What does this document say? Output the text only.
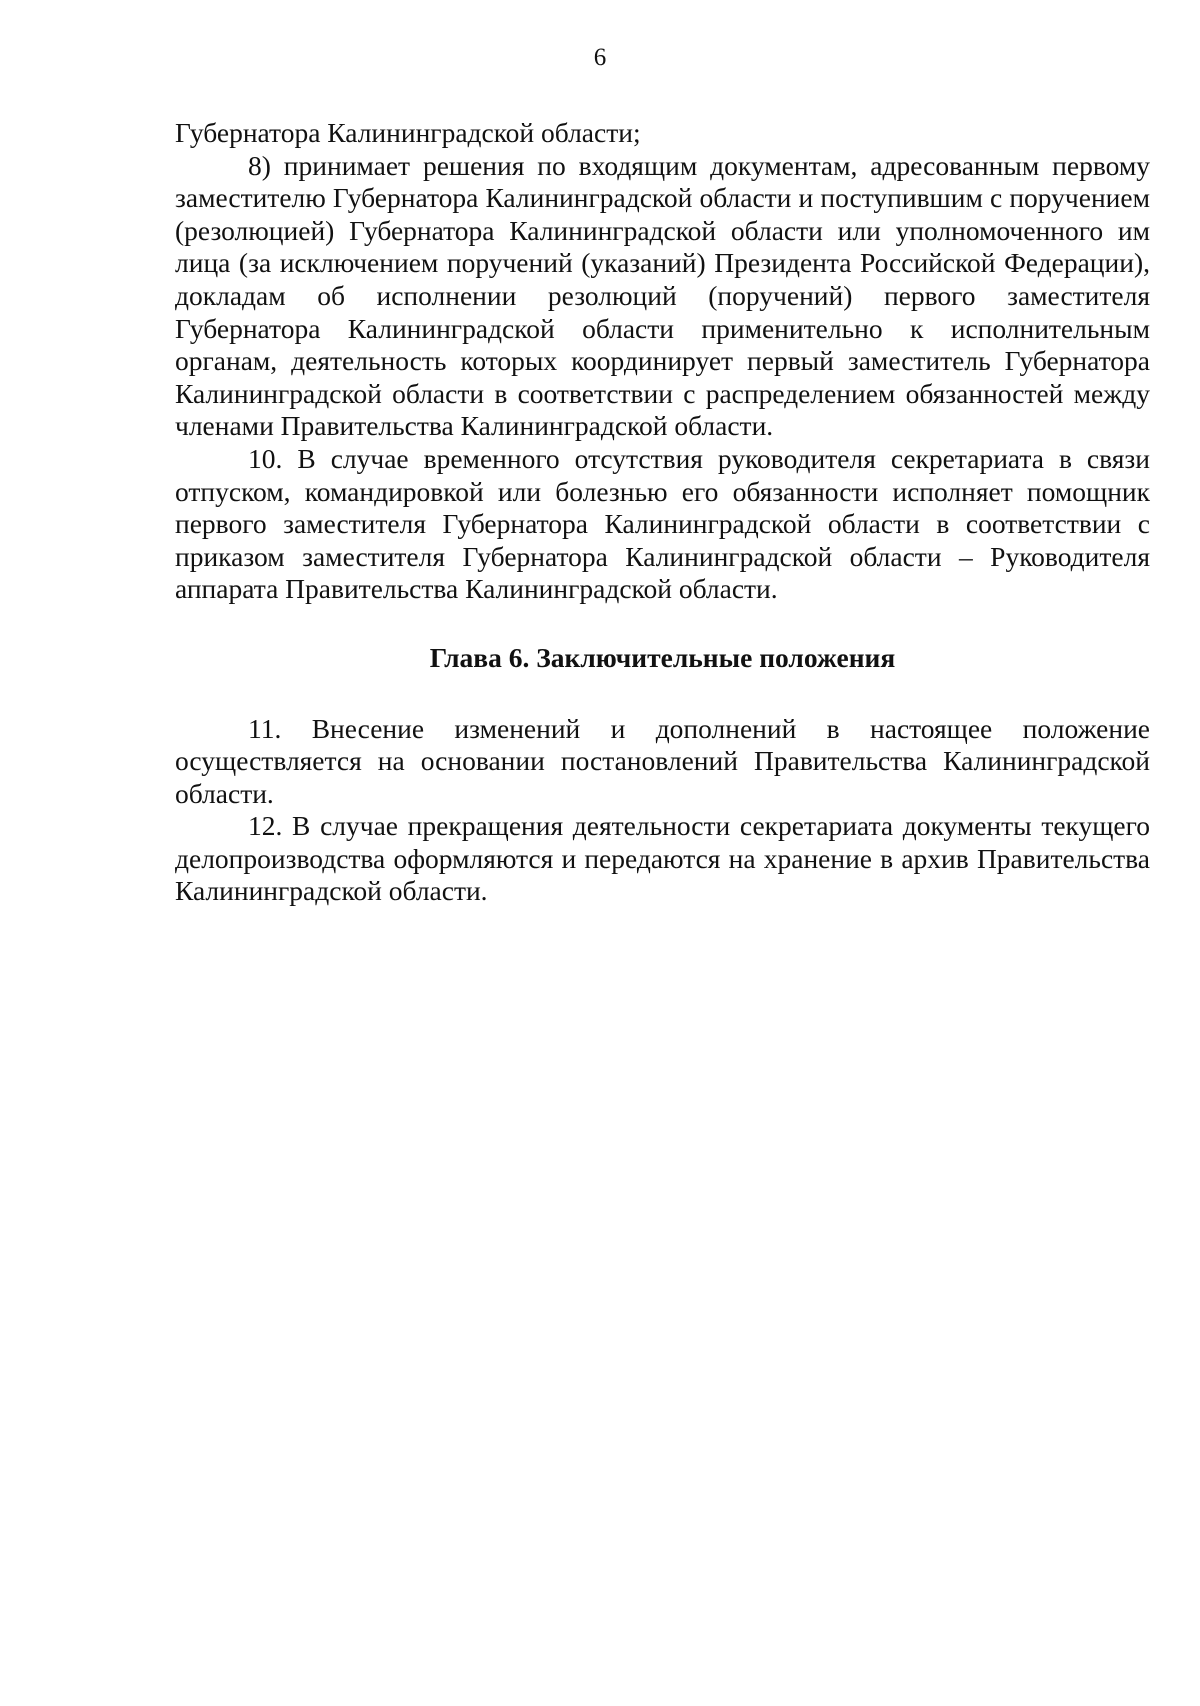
6

Губернатора Калининградской области;

8) принимает решения по входящим документам, адресованным первому заместителю Губернатора Калининградской области и поступившим с поручением (резолюцией) Губернатора Калининградской области или уполномоченного им лица (за исключением поручений (указаний) Президента Российской Федерации), докладам об исполнении резолюций (поручений) первого заместителя Губернатора Калининградской области применительно к исполнительным органам, деятельность которых координирует первый заместитель Губернатора Калининградской области в соответствии с распределением обязанностей между членами Правительства Калининградской области.

10. В случае временного отсутствия руководителя секретариата в связи отпуском, командировкой или болезнью его обязанности исполняет помощник первого заместителя Губернатора Калининградской области в соответствии с приказом заместителя Губернатора Калининградской области – Руководителя аппарата Правительства Калининградской области.

Глава 6. Заключительные положения

11. Внесение изменений и дополнений в настоящее положение осуществляется на основании постановлений Правительства Калининградской области.

12. В случае прекращения деятельности секретариата документы текущего делопроизводства оформляются и передаются на хранение в архив Правительства Калининградской области.
